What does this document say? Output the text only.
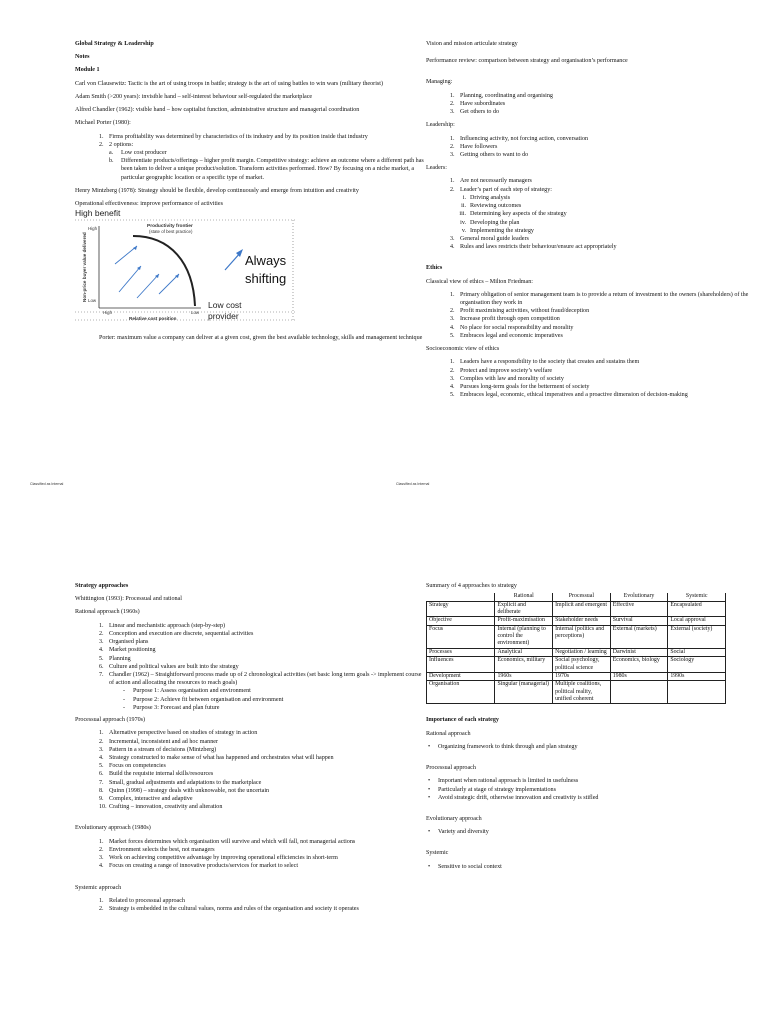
Global Strategy & Leadership

Notes

Module 1

Carl von Clausewitz: Tactic is the art of using troops in battle; strategy is the art of using battles to win wars (military theorist)

Adam Smith (>200 years): invisible hand – self-interest behaviour self-regulated the marketplace

Alfred Chandler (1962): visible hand – how capitalist function, administrative structure and managerial coordination

Michael Porter (1980):

1. Firms profitability was determined by characteristics of its industry and by its position inside that industry
2. 2 options:
a. Low cost producer
b. Differentiate products/offerings – higher profit margin. Competitive strategy: achieve an outcome where a different path has been taken to deliver a unique product/solution. Transform activities performed. How? By focusing on a niche market, a particular geographic location or a specific type of market.

Henry Mintzberg (1978): Strategy should be flexible, develop continuously and emerge from intuition and creativity

Operational effectiveness: improve performance of activities

High benefit
Always shifting
Productivity frontier
(state of best practice)
Non-price buyer value delivered
High
Low
High	Low
Relative cost position
Low cost
provider

Porter: maximum value a company can deliver at a given cost, given the best available technology, skills and management technique

Classified as Internal

Vision and mission articulate strategy

Performance review: comparison between strategy and organisation’s performance

Managing:

1. Planning, coordinating and organising
2. Have subordinates
3. Get others to do

Leadership:

1. Influencing activity, not forcing action, conversation
2. Have followers
3. Getting others to want to do

Leaders:

1. Are not necessarily managers
2. Leader’s part of each step of strategy:
i. Driving analysis
ii. Reviewing outcomes
iii. Determining key aspects of the strategy
iv. Developing the plan
v. Implementing the strategy
3. General moral guide leaders
4. Rules and laws restricts their behaviour/ensure act appropriately

Ethics

Classical view of ethics – Milton Friedman:

1. Primary obligation of senior management team is to provide a return of investment to the owners (shareholders) of the organisation they work in
2. Profit maximising activities, without fraud/deception
3. Increase profit through open competition
4. No place for social responsibility and morality
5. Embraces legal and economic imperatives

Socioeconomic view of ethics

1. Leaders have a responsibility to the society that creates and sustains them
2. Protect and improve society’s welfare
3. Complies with law and morality of society
4. Pursues long-term goals for the betterment of society
5. Embraces legal, economic, ethical imperatives and a proactive dimension of decision-making
Classified as Internal

Strategy approaches

Whittington (1993): Processual and rational

Rational approach (1960s)

1. Linear and mechanistic approach (step-by-step)
2. Conception and execution are discrete, sequential activities
3. Organised plans
4. Market positioning
5. Planning
6. Culture and political values are built into the strategy
7. Chandler (1962) – Straightforward process made up of 2 chronological activities (set basic long term goals -> implement course of action and allocating the resources to reach goals)
- Purpose 1: Assess organisation and environment
- Purpose 2: Achieve fit between organisation and environment
- Purpose 3: Forecast and plan future

Processual approach (1970s)

1. Alternative perspective based on studies of strategy in action
2. Incremental, inconsistent and ad hoc manner
3. Pattern in a stream of decisions (Mintzberg)
4. Strategy constructed to make sense of what has happened and orchestrates what will happen
5. Focus on competencies
6. Build the requisite internal skills/resources
7. Small, gradual adjustments and adaptations to the marketplace
8. Quinn (1998) – strategy deals with unknowable, not the uncertain
9. Complex, interactive and adaptive
10. Crafting – innovation, creativity and alteration

Evolutionary approach (1980s)

1. Market forces determines which organisation will survive and which will fall, not managerial actions
2. Environment selects the best, not managers
3. Work on achieving competitive advantage by improving operational efficiencies in short-term
4. Focus on creating a range of innovative products/services for market to select

Systemic approach

1. Related to processual approach
2. Strategy is embedded in the cultural values, norms and rules of the organisation and society it operates

Summary of 4 approaches to strategy

	Rational	Processual	Evolutionary	Systemic
Strategy	Explicit and deliberate	Implicit and emergent	Effective	Encapsulated
Objective	Profit-maximisation	Stakeholder needs	Survival	Local approval
Focus	Internal (planning to control the environment)	Internal (politics and perceptions)	External (markets)	External (society)
Processes	Analytical	Negotiation / learning	Darwinist	Social
Influences	Economics, military	Social psychology, political science	Economics, biology	Sociology
Development	1960s	1970s	1980s	1990s
Organisation	Singular (managerial)	Multiple coalitions, political reality, unified coherent		

Importance of each strategy

Rational approach

• Organizing framework to think through and plan strategy

Processual approach

• Important when rational approach is limited in usefulness
• Particularly at stage of strategy implementations
• Avoid strategic drift, otherwise innovation and creativity is stifled

Evolutionary approach

• Variety and diversity

Systemic

• Sensitive to social context
